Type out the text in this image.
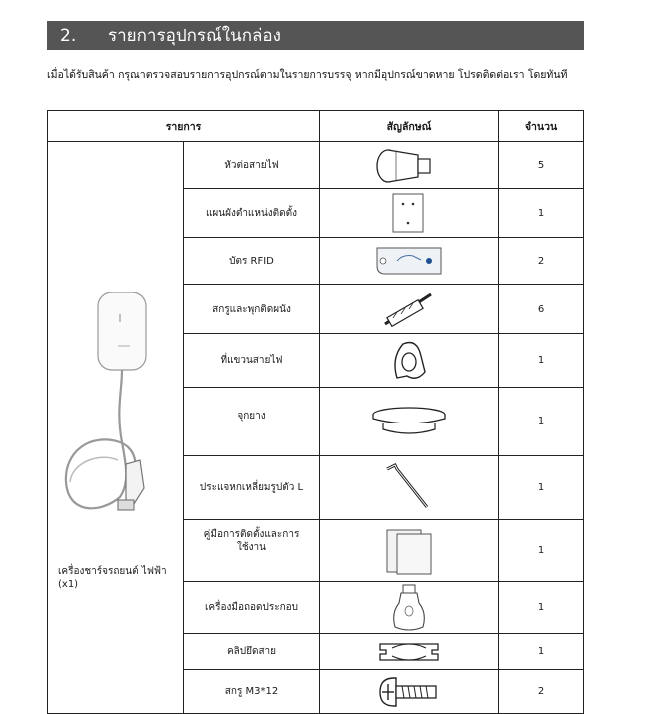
2.	รายการอุปกรณ์ในกล่อง
เมื่อได้รับสินค้า กรุณาตรวจสอบรายการอุปกรณ์ตามในรายการบรรจุ หากมีอุปกรณ์ขาดหาย โปรดติดต่อเรา โดยทันที
รายการ		สัญลักษณ์	จำนวน

เครื่องชาร์จรถยนต์ ไฟฟ้า (x1)	หัวต่อสายไฟ		5
	แผนผังตำแหน่งติดตั้ง		1
	บัตร RFID		2
	สกรูและพุกติดผนัง		6
	ที่แขวนสายไฟ		1
	จุกยาง		1
	ประแจหกเหลี่ยมรูปตัว L		1
	คู่มือการติดตั้งและการใช้งาน		1
	เครื่องมือถอดประกอบ		1
	คลิปยึดสาย		1
	สกรู M3*12		2
